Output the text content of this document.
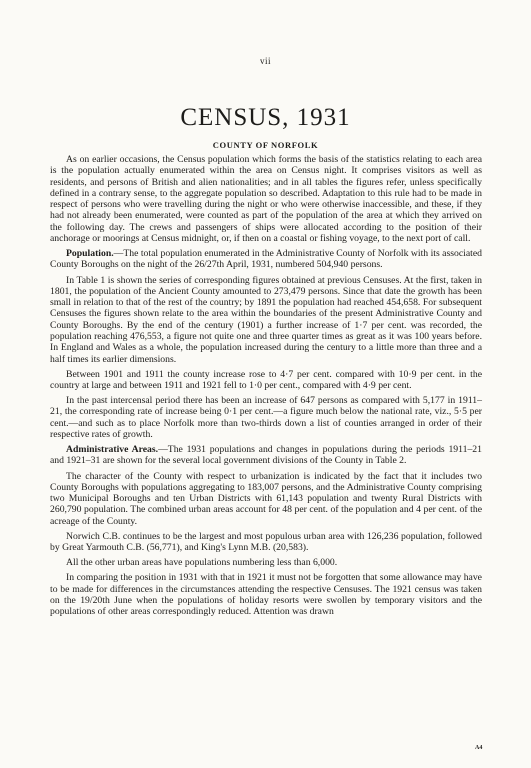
vii
CENSUS, 1931
COUNTY OF NORFOLK

As on earlier occasions, the Census population which forms the basis of the statistics relating to each area is the population actually enumerated within the area on Census night. It comprises visitors as well as residents, and persons of British and alien nationalities; and in all tables the figures refer, unless specifically defined in a contrary sense, to the aggregate population so described. Adaptation to this rule had to be made in respect of persons who were travelling during the night or who were otherwise inaccessible, and these, if they had not already been enumerated, were counted as part of the population of the area at which they arrived on the following day. The crews and passengers of ships were allocated according to the position of their anchorage or moorings at Census midnight, or, if then on a coastal or fishing voyage, to the next port of call.

Population.—The total population enumerated in the Administrative County of Norfolk with its associated County Boroughs on the night of the 26/27th April, 1931, numbered 504,940 persons.

In Table 1 is shown the series of corresponding figures obtained at previous Censuses. At the first, taken in 1801, the population of the Ancient County amounted to 273,479 persons. Since that date the growth has been small in relation to that of the rest of the country; by 1891 the population had reached 454,658. For subsequent Censuses the figures shown relate to the area within the boundaries of the present Administrative County and County Boroughs. By the end of the century (1901) a further increase of 1·7 per cent. was recorded, the population reaching 476,553, a figure not quite one and three quarter times as great as it was 100 years before. In England and Wales as a whole, the population increased during the century to a little more than three and a half times its earlier dimensions.

Between 1901 and 1911 the county increase rose to 4·7 per cent. compared with 10·9 per cent. in the country at large and between 1911 and 1921 fell to 1·0 per cent., compared with 4·9 per cent.

In the past intercensal period there has been an increase of 647 persons as compared with 5,177 in 1911–21, the corresponding rate of increase being 0·1 per cent.—a figure much below the national rate, viz., 5·5 per cent.—and such as to place Norfolk more than two-thirds down a list of counties arranged in order of their respective rates of growth.

Administrative Areas.—The 1931 populations and changes in populations during the periods 1911–21 and 1921–31 are shown for the several local government divisions of the County in Table 2.

The character of the County with respect to urbanization is indicated by the fact that it includes two County Boroughs with populations aggregating to 183,007 persons, and the Administrative County comprising two Municipal Boroughs and ten Urban Districts with 61,143 population and twenty Rural Districts with 260,790 population. The combined urban areas account for 48 per cent. of the population and 4 per cent. of the acreage of the County.

Norwich C.B. continues to be the largest and most populous urban area with 126,236 population, followed by Great Yarmouth C.B. (56,771), and King's Lynn M.B. (20,583).

All the other urban areas have populations numbering less than 6,000.

In comparing the position in 1931 with that in 1921 it must not be forgotten that some allowance may have to be made for differences in the circumstances attending the respective Censuses. The 1921 census was taken on the 19/20th June when the populations of holiday resorts were swollen by temporary visitors and the populations of other areas correspondingly reduced. Attention was drawn

A4
